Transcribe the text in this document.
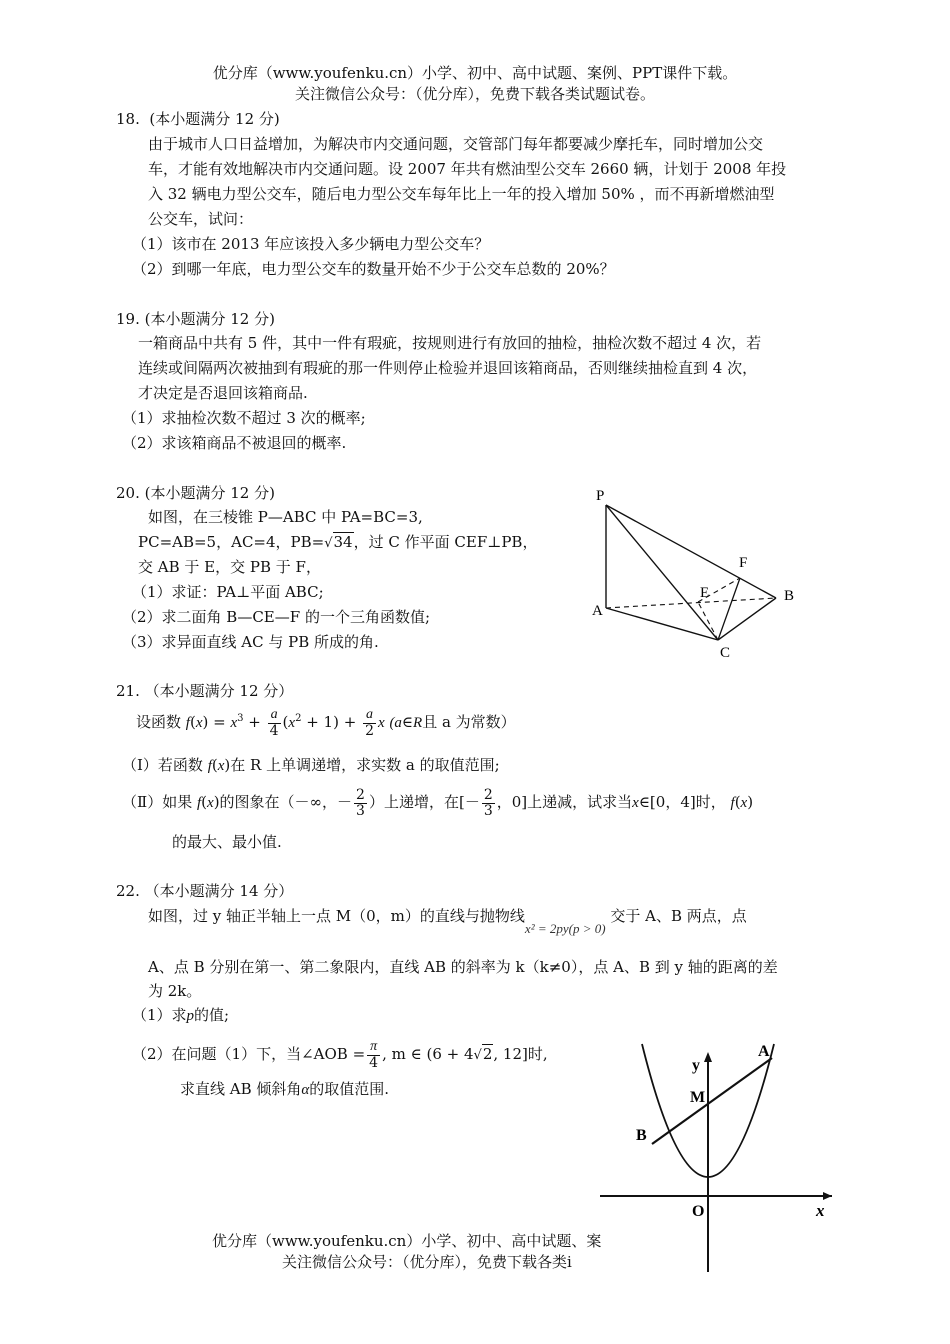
优分库（www.youfenku.cn）小学、初中、高中试题、案例、PPT课件下载。
关注微信公众号：（优分库），免费下载各类试题试卷。
18. (本小题满分 12 分)
由于城市人口日益增加，为解决市内交通问题，交管部门每年都要减少摩托车，同时增加公交
车，才能有效地解决市内交通问题。设 2007 年共有燃油型公交车 2660 辆，计划于 2008 年投
入 32 辆电力型公交车，随后电力型公交车每年比上一年的投入增加 50% ，而不再新增燃油型
公交车，试问：
（1）该市在 2013 年应该投入多少辆电力型公交车？
（2）到哪一年底，电力型公交车的数量开始不少于公交车总数的 20%？
19. (本小题满分 12 分)
一箱商品中共有 5 件，其中一件有瑕疵，按规则进行有放回的抽检，抽检次数不超过 4 次，若
连续或间隔两次被抽到有瑕疵的那一件则停止检验并退回该箱商品，否则继续抽检直到 4 次，
才决定是否退回该箱商品.
（1）求抽检次数不超过 3 次的概率;
（2）求该箱商品不被退回的概率.
20. (本小题满分 12 分)
如图，在三棱锥 P—ABC 中 PA=BC=3,
PC=AB=5，AC=4，PB=√34，过 C 作平面 CEF⊥PB，
交 AB 于 E，交 PB 于 F，
（1）求证：PA⊥平面 ABC;
（2）求二面角 B—CE—F 的一个三角函数值;
（3）求异面直线 AC 与 PB 所成的角.
P
A
B
C
E
F
21. （本小题满分 12 分）
设函数 $f(x) = x^3 + \frac{a}{4} (x^2 + 1) + \frac{a}{2}$ x (a∈R且 a 为常数）
（Ⅰ）若函数 f(x)在 R 上单调递增，求实数 a 的取值范围;
（Ⅱ）如果 f(x)的图象在（－∞，－ $\frac{2}{3}$ ）上递增，在[－ $\frac{2}{3}$ ，0]上递减，试求当x∈[0，4]时， f(x)
的最大、最小值.
22. （本小题满分 14 分）
如图，过 y 轴正半轴上一点 M（0，m）的直线与抛物线x² = 2py(p > 0) 交于 A、B 两点，点
A、点 B 分别在第一、第二象限内，直线 AB 的斜率为 k（k≠0），点 A、B 到 y 轴的距离的差
为 2k。
（1）求p的值;
（2）在问题（1）下，当∠AOB = $\frac{\pi}{4}$ , m ∈ (6 + 4√2, 12]时,
求直线 AB 倾斜角α的取值范围.
y
x
M
A
B
O
优分库（www.youfenku.cn）小学、初中、高中试题、案
关注微信公众号：（优分库），免费下载各类i
